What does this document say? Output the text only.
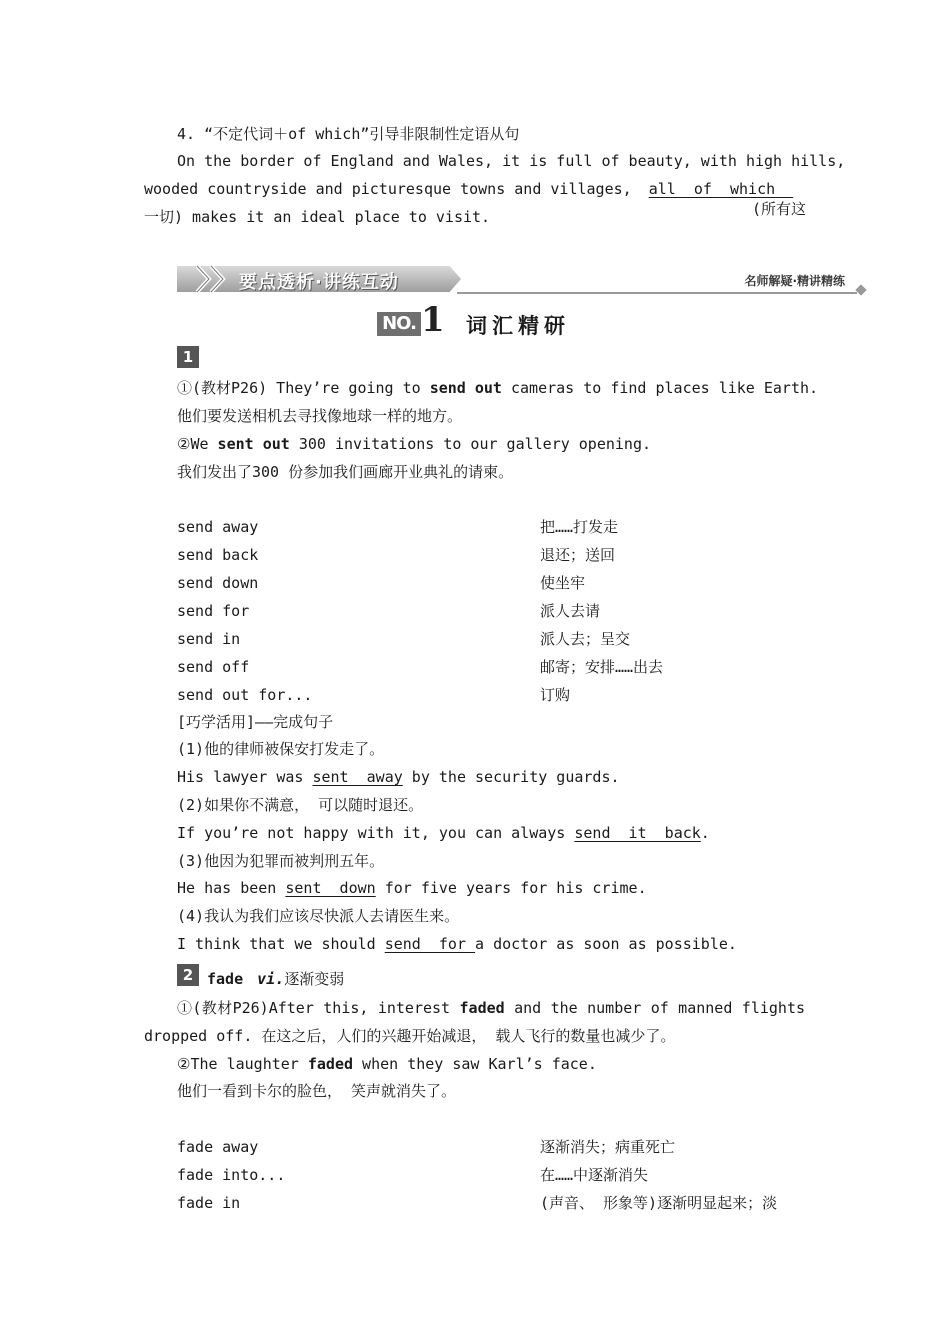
4. “不定代词＋of which”引导非限制性定语从句
On the border of England and Wales, it is full of beauty, with high hills,
wooded countryside and picturesque towns and villages, all  of  which
(所有这
一切) makes it an ideal place to visit.
要点透析·讲练互动	名师解疑·精讲精练
NO. 1 词汇精研
1
①(教材P26) They’re going to send out cameras to find places like Earth.
他们要发送相机去寻找像地球一样的地方。
②We sent out 300 invitations to our gallery opening.
我们发出了300 份参加我们画廊开业典礼的请柬。
send away	把……打发走
send back	退还；送回
send down	使坐牢
send for	派人去请
send in	派人去；呈交
send off	邮寄；安排……出去
send out for...	订购
[巧学活用]——完成句子
(1)他的律师被保安打发走了。
His lawyer was sent  away by the security guards.
(2)如果你不满意， 可以随时退还。
If you’re not happy with it, you can always send  it  back.
(3)他因为犯罪而被判刑五年。
He has been sent  down for five years for his crime.
(4)我认为我们应该尽快派人去请医生来。
I think that we should send  for a doctor as soon as possible.
2 fade vi.逐渐变弱
①(教材P26)After this, interest faded and the number of manned flights
dropped off. 在这之后，人们的兴趣开始减退， 载人飞行的数量也减少了。
②The laughter faded when they saw Karl’s face.
他们一看到卡尔的脸色， 笑声就消失了。
fade away	逐渐消失；病重死亡
fade into...	在……中逐渐消失
fade in	(声音、 形象等)逐渐明显起来；淡
